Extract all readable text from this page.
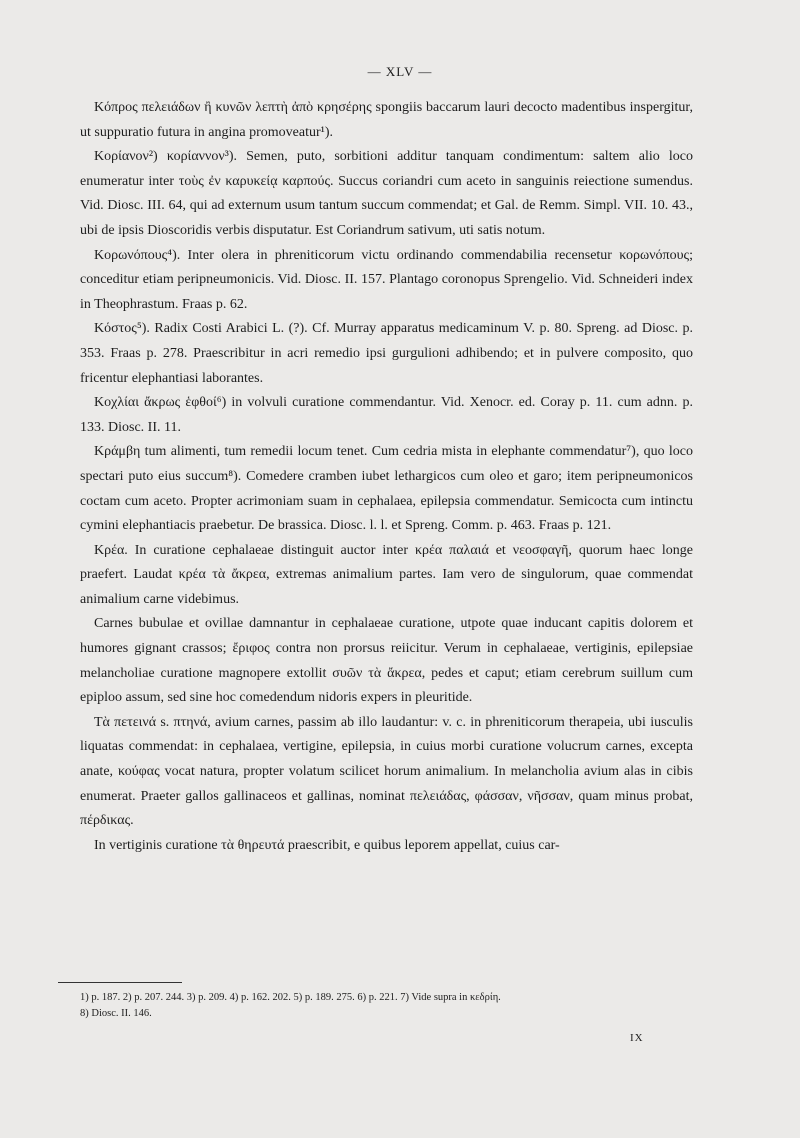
— XLV —

Κόπρος πελειάδων ἢ κυνῶν λεπτὴ ἀπὸ κρησέρης spongiis baccarum lauri decocto madentibus inspergitur, ut suppuratio futura in angina promoveatur¹).

Κορίανον²) κορίαννον³). Semen, puto, sorbitioni additur tanquam condimentum: saltem alio loco enumeratur inter τοὺς ἐν καρυκείᾳ καρπούς. Succus coriandri cum aceto in sanguinis reiectione sumendus. Vid. Diosc. III. 64, qui ad externum usum tantum succum commendat; et Gal. de Remm. Simpl. VII. 10. 43., ubi de ipsis Dioscoridis verbis disputatur. Est Coriandrum sativum, uti satis notum.

Κορωνόπους⁴). Inter olera in phreniticorum victu ordinando commendabilia recensetur κορωνόπους; conceditur etiam peripneumonicis. Vid. Diosc. II. 157. Plantago coronopus Sprengelio. Vid. Schneideri index in Theophrastum. Fraas p. 62.

Κόστος⁵). Radix Costi Arabici L. (?). Cf. Murray apparatus medicaminum V. p. 80. Spreng. ad Diosc. p. 353. Fraas p. 278. Praescribitur in acri remedio ipsi gurgulioni adhibendo; et in pulvere composito, quo fricentur elephantiasi laborantes.

Κοχλίαι ἄκρως ἑφθοί⁶) in volvuli curatione commendantur. Vid. Xenocr. ed. Coray p. 11. cum adnn. p. 133. Diosc. II. 11.

Κράμβη tum alimenti, tum remedii locum tenet. Cum cedria mista in elephante commendatur⁷), quo loco spectari puto eius succum⁸). Comedere cramben iubet lethargicos cum oleo et garo; item peripneumonicos coctam cum aceto. Propter acrimoniam suam in cephalaea, epilepsia commendatur. Semicocta cum intinctu cymini elephantiacis praebetur. De brassica. Diosc. l. l. et Spreng. Comm. p. 463. Fraas p. 121.

Κρέα. In curatione cephalaeae distinguit auctor inter κρέα παλαιά et νεοσφαγῆ, quorum haec longe praefert. Laudat κρέα τὰ ἄκρεα, extremas animalium partes. Iam vero de singulorum, quae commendat animalium carne videbimus.

Carnes bubulae et ovillae damnantur in cephalaeae curatione, utpote quae inducant capitis dolorem et humores gignant crassos; ἔριφος contra non prorsus reiicitur. Verum in cephalaeae, vertiginis, epilepsiae melancholiae curatione magnopere extollit συῶν τὰ ἄκρεα, pedes et caput; etiam cerebrum suillum cum epiploo assum, sed sine hoc comedendum nidoris expers in pleuritide.

Τὰ πετεινά s. πτηνά, avium carnes, passim ab illo laudantur: v. c. in phreniticorum therapeia, ubi iusculis liquatas commendat: in cephalaea, vertigine, epilepsia, in cuius morbi curatione volucrum carnes, excepta anate, κούφας vocat natura, propter volatum scilicet horum animalium. In melancholia avium alas in cibis enumerat. Praeter gallos gallinaceos et gallinas, nominat πελειάδας, φάσσαν, νῆσσαν, quam minus probat, πέρδικας.

In vertiginis curatione τὰ θηρευτά praescribit, e quibus leporem appellat, cuius car-

1) p. 187. 2) p. 207. 244. 3) p. 209. 4) p. 162. 202. 5) p. 189. 275. 6) p. 221. 7) Vide supra in κεδρίη.

8) Diosc. II. 146.

IX
